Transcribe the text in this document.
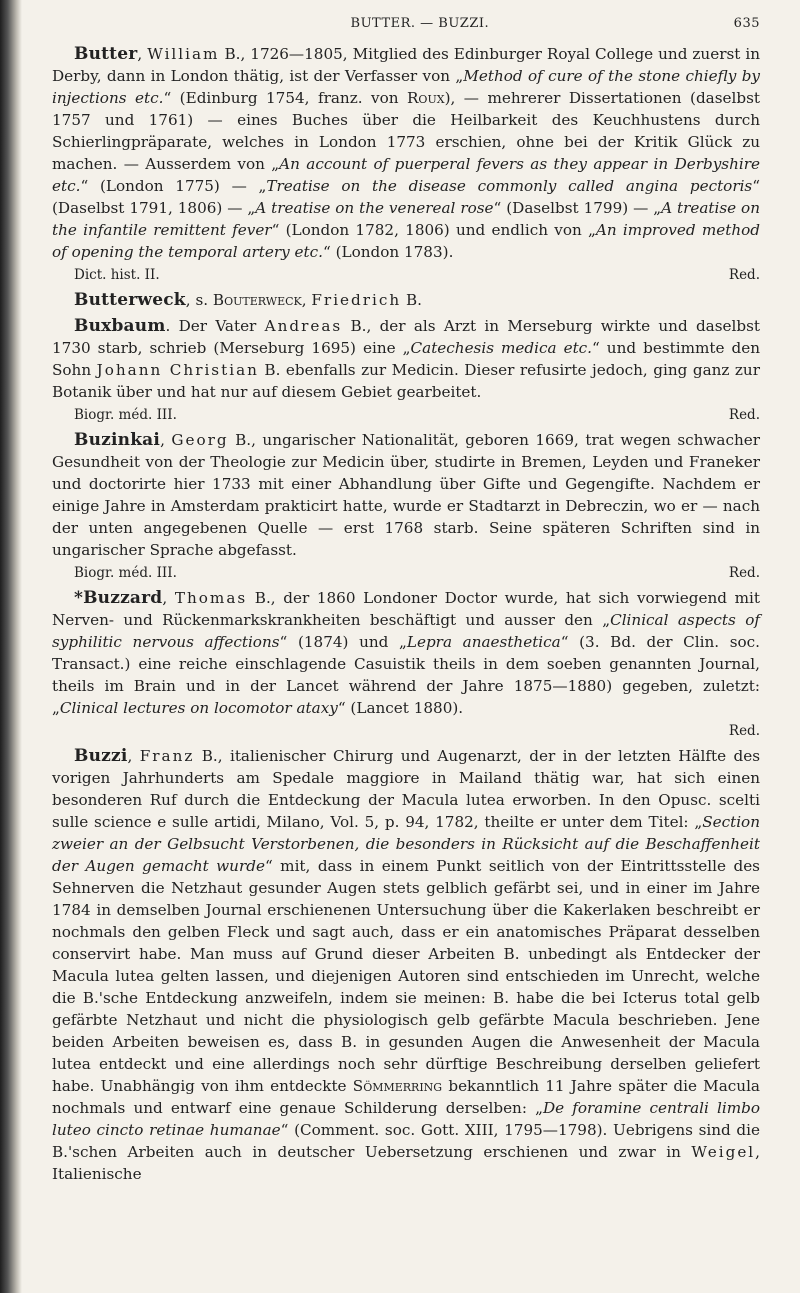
BUTTER. — BUZZI.	635

Butter, William B., 1726—1805, Mitglied des Edinburger Royal College und zuerst in Derby, dann in London thätig, ist der Verfasser von „Method of cure of the stone chiefly by injections etc.“ (Edinburg 1754, franz. von Roux), — mehrerer Dissertationen (daselbst 1757 und 1761) — eines Buches über die Heilbarkeit des Keuchhustens durch Schierlingpräparate, welches in London 1773 erschien, ohne bei der Kritik Glück zu machen. — Ausserdem von „An account of puerperal fevers as they appear in Derbyshire etc.“ (London 1775) — „Treatise on the disease commonly called angina pectoris“ (Daselbst 1791, 1806) — „A treatise on the venereal rose“ (Daselbst 1799) — „A treatise on the infantile remittent fever“ (London 1782, 1806) und endlich von „An improved method of opening the temporal artery etc.“ (London 1783).

Dict. hist. II.	Red.

Butterweck, s. Bouterweck, Friedrich B.

Buxbaum. Der Vater Andreas B., der als Arzt in Merseburg wirkte und daselbst 1730 starb, schrieb (Merseburg 1695) eine „Catechesis medica etc.“ und bestimmte den Sohn Johann Christian B. ebenfalls zur Medicin. Dieser refusirte jedoch, ging ganz zur Botanik über und hat nur auf diesem Gebiet gearbeitet.

Biogr. méd. III.	Red.

Buzinkai, Georg B., ungarischer Nationalität, geboren 1669, trat wegen schwacher Gesundheit von der Theologie zur Medicin über, studirte in Bremen, Leyden und Franeker und doctorirte hier 1733 mit einer Abhandlung über Gifte und Gegengifte. Nachdem er einige Jahre in Amsterdam prakticirt hatte, wurde er Stadtarzt in Debreczin, wo er — nach der unten angegebenen Quelle — erst 1768 starb. Seine späteren Schriften sind in ungarischer Sprache abgefasst.

Biogr. méd. III.	Red.

*Buzzard, Thomas B., der 1860 Londoner Doctor wurde, hat sich vorwiegend mit Nerven- und Rückenmarkskrankheiten beschäftigt und ausser den „Clinical aspects of syphilitic nervous affections“ (1874) und „Lepra anaesthetica“ (3. Bd. der Clin. soc. Transact.) eine reiche einschlagende Casuistik theils in dem soeben genannten Journal, theils im Brain und in der Lancet während der Jahre 1875—1880) gegeben, zuletzt: „Clinical lectures on locomotor ataxy“ (Lancet 1880).

Red.

Buzzi, Franz B., italienischer Chirurg und Augenarzt, der in der letzten Hälfte des vorigen Jahrhunderts am Spedale maggiore in Mailand thätig war, hat sich einen besonderen Ruf durch die Entdeckung der Macula lutea erworben. In den Opusc. scelti sulle science e sulle artidi, Milano, Vol. 5, p. 94, 1782, theilte er unter dem Titel: „Section zweier an der Gelbsucht Verstorbenen, die besonders in Rücksicht auf die Beschaffenheit der Augen gemacht wurde“ mit, dass in einem Punkt seitlich von der Eintrittsstelle des Sehnerven die Netzhaut gesunder Augen stets gelblich gefärbt sei, und in einer im Jahre 1784 in demselben Journal erschienenen Untersuchung über die Kakerlaken beschreibt er nochmals den gelben Fleck und sagt auch, dass er ein anatomisches Präparat desselben conservirt habe. Man muss auf Grund dieser Arbeiten B. unbedingt als Entdecker der Macula lutea gelten lassen, und diejenigen Autoren sind entschieden im Unrecht, welche die B.'sche Entdeckung anzweifeln, indem sie meinen: B. habe die bei Icterus total gelb gefärbte Netzhaut und nicht die physiologisch gelb gefärbte Macula beschrieben. Jene beiden Arbeiten beweisen es, dass B. in gesunden Augen die Anwesenheit der Macula lutea entdeckt und eine allerdings noch sehr dürftige Beschreibung derselben geliefert habe. Unabhängig von ihm entdeckte Sömmerring bekanntlich 11 Jahre später die Macula nochmals und entwarf eine genaue Schilderung derselben: „De foramine centrali limbo luteo cincto retinae humanae“ (Comment. soc. Gott. XIII, 1795—1798). Uebrigens sind die B.'schen Arbeiten auch in deutscher Uebersetzung erschienen und zwar in Weigel, Italienische
